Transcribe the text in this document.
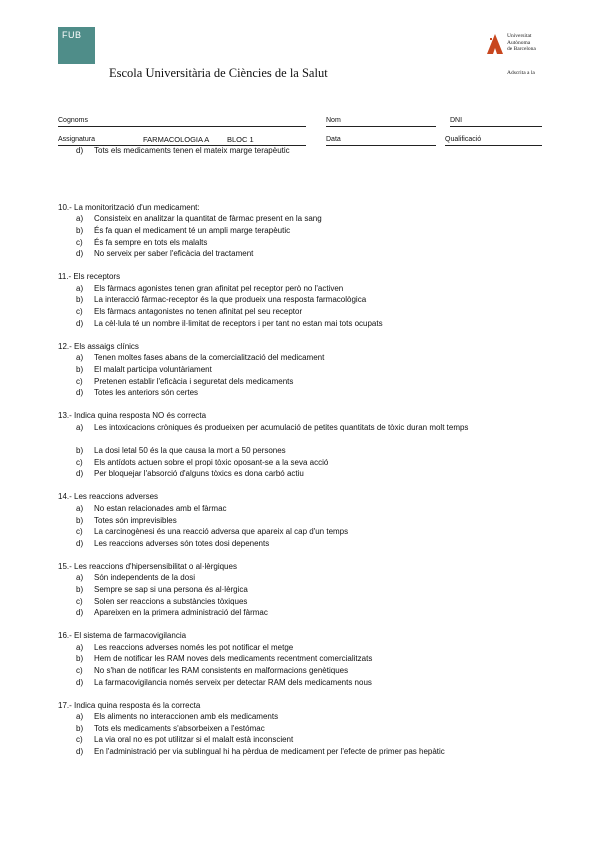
FUB
Escola Universitària de Ciències de la Salut
Universitat
Autònoma
de Barcelona
Adscrita a la
Cognoms	Nom	DNI
Assignatura	FARMACOLOGIA A BLOC 1	Data	Qualificació
d) Tots els medicaments tenen el mateix marge terapèutic
10.- La monitorització d'un medicament:
a) Consisteix en analitzar la quantitat de fàrmac present en la sang
b) És fa quan el medicament té un ampli marge terapèutic
c) És fa sempre en tots els malalts
d) No serveix per saber l'eficàcia del tractament
11.- Els receptors
a) Els fàrmacs agonistes tenen gran afinitat pel receptor però no l'activen
b) La interacció fàrmac-receptor és la que produeix una resposta farmacològica
c) Els fàrmacs antagonistes no tenen afinitat pel seu receptor
d) La cèl·lula té un nombre il·limitat de receptors i per tant no estan mai tots ocupats
12.- Els assaigs clínics
a) Tenen moltes fases abans de la comercialització del medicament
b) El malalt participa voluntàriament
c) Pretenen establir l'eficàcia i seguretat dels medicaments
d) Totes les anteriors són certes
13.- Indica quina resposta NO és correcta
a) Les intoxicacions cròniques és produeixen per acumulació de petites quantitats de tòxic duran molt temps
b) La dosi letal 50 és la que causa la mort a 50 persones
c) Els antídots actuen sobre el propi tòxic oposant-se a la seva acció
d) Per bloquejar l'absorció d'alguns tòxics es dona carbó actiu
14.- Les reaccions adverses
a) No estan relacionades amb el fàrmac
b) Totes són imprevisibles
c) La carcinogènesi és una reacció adversa que apareix al cap d'un temps
d) Les reaccions adverses són totes dosi depenents
15.- Les reaccions d'hipersensibilitat o al·lèrgiques
a) Són independents de la dosi
b) Sempre se sap si una persona és al·lèrgica
c) Solen ser reaccions a substàncies tòxiques
d) Apareixen en la primera administració del fàrmac
16.- El sistema de farmacovigilancia
a) Les reaccions adverses només les pot notificar el metge
b) Hem de notificar les RAM noves dels medicaments recentment comercialitzats
c) No s'han de notificar les RAM consistents en malformacions genètiques
d) La farmacovigilancia només serveix per detectar RAM dels medicaments nous
17.- Indica quina resposta és la correcta
a) Els aliments no interaccionen amb els medicaments
b) Tots els medicaments s'absorbeixen a l'estómac
c) La via oral no es pot utilitzar si el malalt està inconscient
d) En l'administració per via sublingual hi ha pèrdua de medicament per l'efecte de primer pas hepàtic
